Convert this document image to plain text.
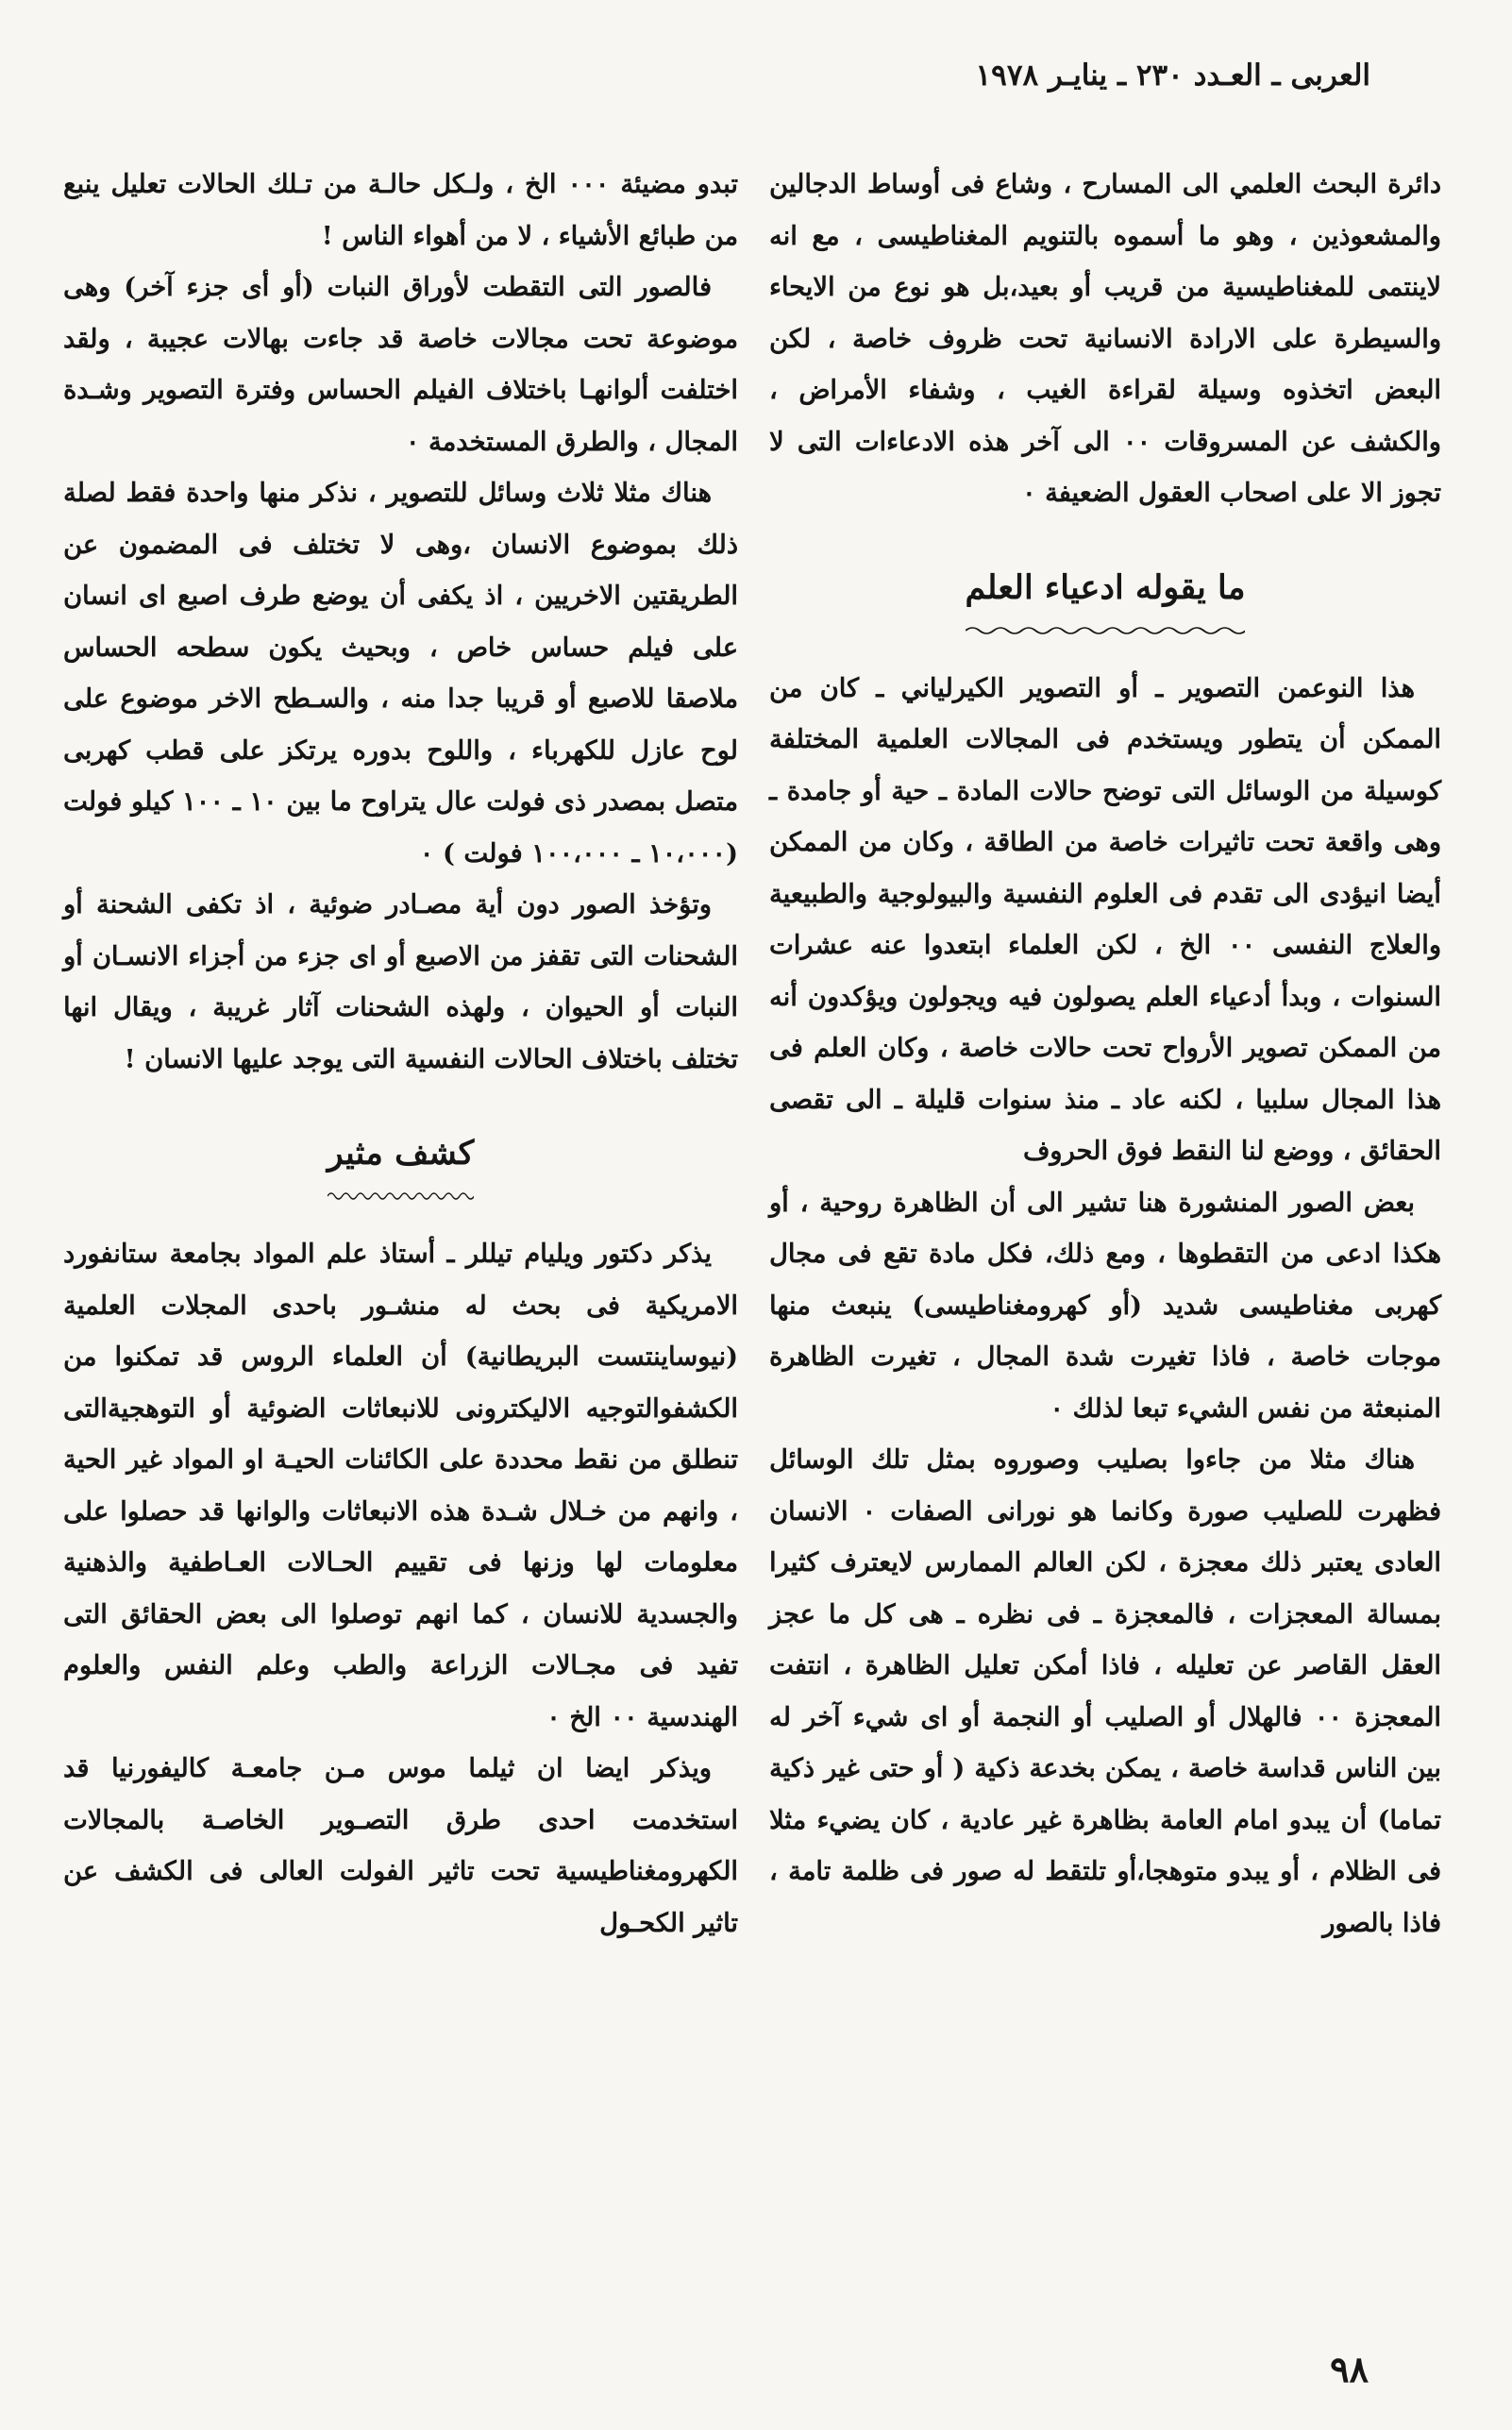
العربى ـ العـدد ٢٣٠ ـ ينايـر ١٩٧٨

دائرة البحث العلمي الى المسارح ، وشاع فى أوساط الدجالين والمشعوذين ، وهو ما أسموه بالتنويم المغناطيسى ، مع انه لاينتمى للمغناطيسية من قريب أو بعيد،بل هو نوع من الايحاء والسيطرة على الارادة الانسانية تحت ظروف خاصة ، لكن البعض اتخذوه وسيلة لقراءة الغيب ، وشفاء الأمراض ، والكشف عن المسروقات ٠٠ الى آخر هذه الادعاءات التى لا تجوز الا على اصحاب العقول الضعيفة ٠

ما يقوله ادعياء العلم

هذا النوعمن التصوير ـ أو التصوير الكيرلياني ـ كان من الممكن أن يتطور ويستخدم فى المجالات العلمية المختلفة كوسيلة من الوسائل التى توضح حالات المادة ـ حية أو جامدة ـ وهى واقعة تحت تاثيرات خاصة من الطاقة ، وكان من الممكن أيضا انيؤدى الى تقدم فى العلوم النفسية والبيولوجية والطبيعية والعلاج النفسى ٠٠ الخ ، لكن العلماء ابتعدوا عنه عشرات السنوات ، وبدأ أدعياء العلم يصولون فيه ويجولون ويؤكدون أنه من الممكن تصوير الأرواح تحت حالات خاصة ، وكان العلم فى هذا المجال سلبيا ، لكنه عاد ـ منذ سنوات قليلة ـ الى تقصى الحقائق ، ووضع لنا النقط فوق الحروف

بعض الصور المنشورة هنا تشير الى أن الظاهرة روحية ، أو هكذا ادعى من التقطوها ، ومع ذلك، فكل مادة تقع فى مجال كهربى مغناطيسى شديد (أو كهرومغناطيسى) ينبعث منها موجات خاصة ، فاذا تغيرت شدة المجال ، تغيرت الظاهرة المنبعثة من نفس الشيء تبعا لذلك ٠

هناك مثلا من جاءوا بصليب وصوروه بمثل تلك الوسائل فظهرت للصليب صورة وكانما هو نورانى الصفات ٠ الانسان العادى يعتبر ذلك معجزة ، لكن العالم الممارس لايعترف كثيرا بمسالة المعجزات ، فالمعجزة ـ فى نظره ـ هى كل ما عجز العقل القاصر عن تعليله ، فاذا أمكن تعليل الظاهرة ، انتفت المعجزة ٠٠ فالهلال أو الصليب أو النجمة أو اى شيء آخر له بين الناس قداسة خاصة ، يمكن بخدعة ذكية ( أو حتى غير ذكية تماما) أن يبدو امام العامة بظاهرة غير عادية ، كان يضيء مثلا فى الظلام ، أو يبدو متوهجا،أو تلتقط له صور فى ظلمة تامة ، فاذا بالصور

تبدو مضيئة ٠٠٠ الخ ، ولـكل حالـة من تـلك الحالات تعليل ينبع من طبائع الأشياء ، لا من أهواء الناس !

فالصور التى التقطت لأوراق النبات (أو أى جزء آخر) وهى موضوعة تحت مجالات خاصة قد جاءت بهالات عجيبة ، ولقد اختلفت ألوانهـا باختلاف الفيلم الحساس وفترة التصوير وشـدة المجال ، والطرق المستخدمة ٠

هناك مثلا ثلاث وسائل للتصوير ، نذكر منها واحدة فقط لصلة ذلك بموضوع الانسان ،وهى لا تختلف فى المضمون عن الطريقتين الاخريين ، اذ يكفى أن يوضع طرف اصبع اى انسان على فيلم حساس خاص ، وبحيث يكون سطحه الحساس ملاصقا للاصبع أو قريبا جدا منه ، والسـطح الاخر موضوع على لوح عازل للكهرباء ، واللوح بدوره يرتكز على قطب كهربى متصل بمصدر ذى فولت عال يتراوح ما بين ١٠ ـ ١٠٠ كيلو فولت (١٠،٠٠٠ ـ ١٠٠،٠٠٠ فولت ) ٠

وتؤخذ الصور دون أية مصـادر ضوئية ، اذ تكفى الشحنة أو الشحنات التى تقفز من الاصبع أو اى جزء من أجزاء الانسـان أو النبات أو الحيوان ، ولهذه الشحنات آثار غريبة ، ويقال انها تختلف باختلاف الحالات النفسية التى يوجد عليها الانسان !

كشف مثير

يذكر دكتور ويليام تيللر ـ أستاذ علم المواد بجامعة ستانفورد الامريكية فى بحث له منشـور باحدى المجلات العلمية (نيوساينتست البريطانية) أن العلماء الروس قد تمكنوا من الكشفوالتوجيه الاليكترونى للانبعاثات الضوئية أو التوهجيةالتى تنطلق من نقط محددة على الكائنات الحيـة او المواد غير الحية ، وانهم من خـلال شـدة هذه الانبعاثات والوانها قد حصلوا على معلومات لها وزنها فى تقييم الحـالات العـاطفية والذهنية والجسدية للانسان ، كما انهم توصلوا الى بعض الحقائق التى تفيد فى مجـالات الزراعة والطب وعلم النفس والعلوم الهندسية ٠٠ الخ ٠

ويذكر ايضا ان ثيلما موس مـن جامعـة كاليفورنيا قد استخدمت احدى طرق التصـوير الخاصـة بالمجالات الكهرومغناطيسية تحت تاثير الفولت العالى فى الكشف عن تاثير الكحـول

٩٨
